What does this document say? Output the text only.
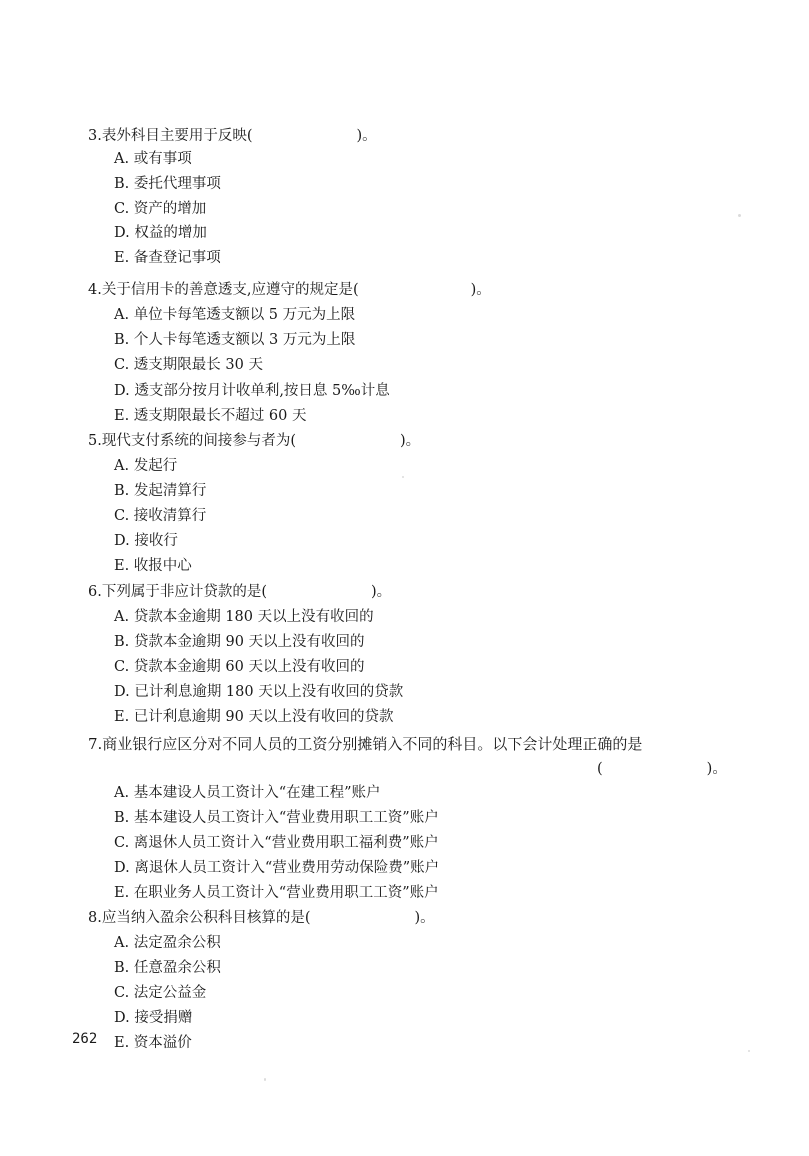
3.表外科目主要用于反映(	)。
A. 或有事项
B. 委托代理事项
C. 资产的增加
D. 权益的增加
E. 备查登记事项
4.关于信用卡的善意透支,应遵守的规定是(	)。
A. 单位卡每笔透支额以 5 万元为上限
B. 个人卡每笔透支额以 3 万元为上限
C. 透支期限最长 30 天
D. 透支部分按月计收单利,按日息 5‰计息
E. 透支期限最长不超过 60 天
5.现代支付系统的间接参与者为(	)。
A. 发起行
B. 发起清算行
C. 接收清算行
D. 接收行
E. 收报中心
6.下列属于非应计贷款的是(	)。
A. 贷款本金逾期 180 天以上没有收回的
B. 贷款本金逾期 90 天以上没有收回的
C. 贷款本金逾期 60 天以上没有收回的
D. 已计利息逾期 180 天以上没有收回的贷款
E. 已计利息逾期 90 天以上没有收回的贷款
7.商业银行应区分对不同人员的工资分别摊销入不同的科目。以下会计处理正确的是
(	)。
A. 基本建设人员工资计入“在建工程”账户
B. 基本建设人员工资计入“营业费用职工工资”账户
C. 离退休人员工资计入“营业费用职工福利费”账户
D. 离退休人员工资计入“营业费用劳动保险费”账户
E. 在职业务人员工资计入“营业费用职工工资”账户
8.应当纳入盈余公积科目核算的是(	)。
A. 法定盈余公积
B. 任意盈余公积
C. 法定公益金
D. 接受捐赠
E. 资本溢价
262
